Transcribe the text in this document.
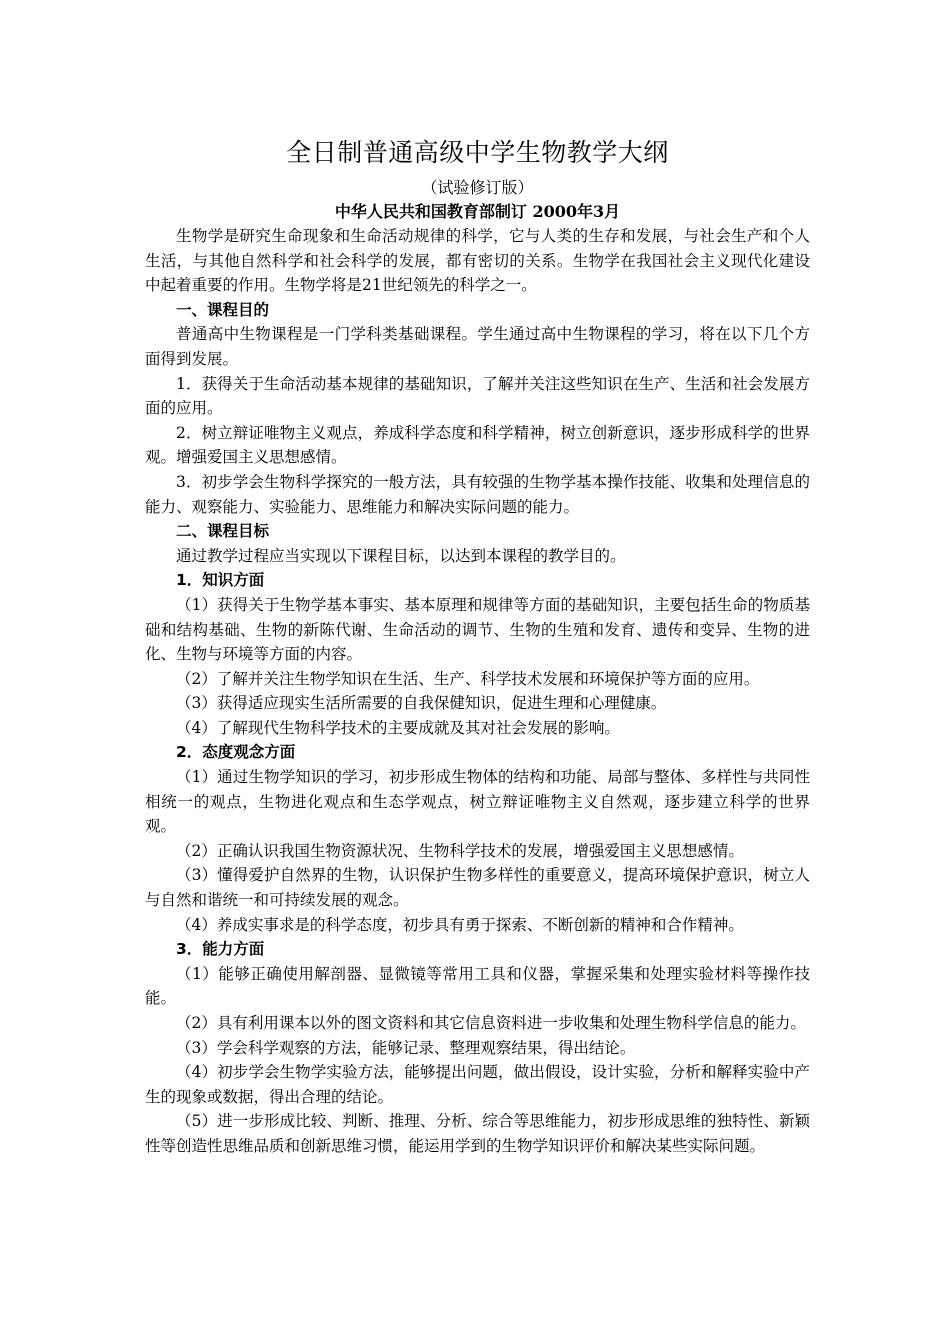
全日制普通高级中学生物教学大纲
（试验修订版）
中华人民共和国教育部制订 2000年3月

生物学是研究生命现象和生命活动规律的科学，它与人类的生存和发展，与社会生产和个人生活，与其他自然科学和社会科学的发展，都有密切的关系。生物学在我国社会主义现代化建设中起着重要的作用。生物学将是21世纪领先的科学之一。

一、课程目的

普通高中生物课程是一门学科类基础课程。学生通过高中生物课程的学习，将在以下几个方面得到发展。

1．获得关于生命活动基本规律的基础知识，了解并关注这些知识在生产、生活和社会发展方面的应用。

2．树立辩证唯物主义观点，养成科学态度和科学精神，树立创新意识，逐步形成科学的世界观。增强爱国主义思想感情。

3．初步学会生物科学探究的一般方法，具有较强的生物学基本操作技能、收集和处理信息的能力、观察能力、实验能力、思维能力和解决实际问题的能力。

二、课程目标

通过教学过程应当实现以下课程目标，以达到本课程的教学目的。

1．知识方面

（1）获得关于生物学基本事实、基本原理和规律等方面的基础知识，主要包括生命的物质基础和结构基础、生物的新陈代谢、生命活动的调节、生物的生殖和发育、遗传和变异、生物的进化、生物与环境等方面的内容。

（2）了解并关注生物学知识在生活、生产、科学技术发展和环境保护等方面的应用。

（3）获得适应现实生活所需要的自我保健知识，促进生理和心理健康。

（4）了解现代生物科学技术的主要成就及其对社会发展的影响。

2．态度观念方面

（1）通过生物学知识的学习，初步形成生物体的结构和功能、局部与整体、多样性与共同性相统一的观点，生物进化观点和生态学观点，树立辩证唯物主义自然观，逐步建立科学的世界观。

（2）正确认识我国生物资源状况、生物科学技术的发展，增强爱国主义思想感情。

（3）懂得爱护自然界的生物，认识保护生物多样性的重要意义，提高环境保护意识，树立人与自然和谐统一和可持续发展的观念。

（4）养成实事求是的科学态度，初步具有勇于探索、不断创新的精神和合作精神。

3．能力方面

（1）能够正确使用解剖器、显微镜等常用工具和仪器，掌握采集和处理实验材料等操作技能。

（2）具有利用课本以外的图文资料和其它信息资料进一步收集和处理生物科学信息的能力。

（3）学会科学观察的方法，能够记录、整理观察结果，得出结论。

（4）初步学会生物学实验方法，能够提出问题，做出假设，设计实验，分析和解释实验中产生的现象或数据，得出合理的结论。

（5）进一步形成比较、判断、推理、分析、综合等思维能力，初步形成思维的独特性、新颖性等创造性思维品质和创新思维习惯，能运用学到的生物学知识评价和解决某些实际问题。
